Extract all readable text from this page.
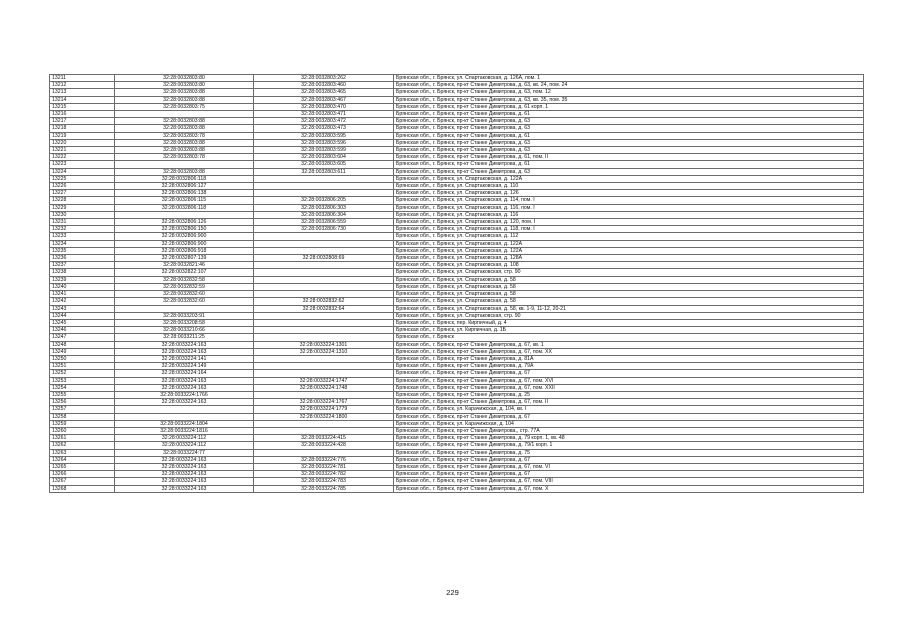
13211	32:28:0032803:80	32:28:0032803:262	Брянская обл., г. Брянск, ул. Спартаковская, д. 126А, пом. 1
13212	32:28:0032803:80	32:28:0032803:460	Брянская обл., г. Брянск, пр-кт Станке Димитрова, д. 63, кв. 24, пом. 24
13213	32:28:0032803:88	32:28:0032803:465	Брянская обл., г. Брянск, пр-кт Станке Димитрова, д. 63, пом. 12
13214	32:28:0032803:88	32:28:0032803:467	Брянская обл., г. Брянск, пр-кт Станке Димитрова, д. 63, кв. 35, пом. 35
13215	32:28:0032803:75	32:28:0032803:470	Брянская обл., г. Брянск, пр-кт Станке Димитрова, д. 61 корп. 1
13216		32:28:0032803:471	Брянская обл., г. Брянск, пр-кт Станке Димитрова, д. 61
13217	32:28:0032803:88	32:28:0032803:472	Брянская обл., г. Брянск, пр-кт Станке Димитрова, д. 63
13218	32:28:0032803:88	32:28:0032803:473	Брянская обл., г. Брянск, пр-кт Станке Димитрова, д. 63
13219	32:28:0032803:78	32:28:0032803:595	Брянская обл., г. Брянск, пр-кт Станке Димитрова, д. 61
13220	32:28:0032803:88	32:28:0032803:596	Брянская обл., г. Брянск, пр-кт Станке Димитрова, д. 63
13221	32:28:0032803:88	32:28:0032803:599	Брянская обл., г. Брянск, пр-кт Станке Димитрова, д. 63
13222	32:28:0032803:78	32:28:0032803:604	Брянская обл., г. Брянск, пр-кт Станке Димитрова, д. 61, пом. II
13223		32:28:0032803:605	Брянская обл., г. Брянск, пр-кт Станке Димитрова, д. 61
13224	32:28:0032803:88	32:28:0032803:611	Брянская обл., г. Брянск, пр-кт Станке Димитрова, д. 63
13225	32:28:0032806:118		Брянская обл., г. Брянск, ул. Спартаковская, д. 122А
13226	32:28:0032806:127		Брянская обл., г. Брянск, ул. Спартаковская, д. 110
13227	32:28:0032806:138		Брянская обл., г. Брянск, ул. Спартаковская, д. 126
13228	32:28:0032806:115	32:28:0032806:205	Брянская обл., г. Брянск, ул. Спартаковская, д. 114, пом. I
13229	32:28:0032806:118	32:28:0032806:303	Брянская обл., г. Брянск, ул. Спартаковская, д. 116, пом. I
13230		32:28:0032806:304	Брянская обл., г. Брянск, ул. Спартаковская, д. 116
13231	32:28:0032806:126	32:28:0032806:559	Брянская обл., г. Брянск, ул. Спартаковская, д. 120, пом. I
13232	32:28:0032806:150	32:28:0032806:730	Брянская обл., г. Брянск, ул. Спартаковская, д. 118, пом. I
13233	32:28:0032806:900		Брянская обл., г. Брянск, ул. Спартаковская, д. 112
13234	32:28:0032806:900		Брянская обл., г. Брянск, ул. Спартаковская, д. 122А
13235	32:28:0032806:918		Брянская обл., г. Брянск, ул. Спартаковская, д. 122А
13236	32:28:0032807:139	32:28:0032808:69	Брянская обл., г. Брянск, ул. Спартаковская, д. 128А
13237	32:28:0032821:46		Брянская обл., г. Брянск, ул. Спартаковская, д. 108
13238	32:28:0032822:107		Брянская обл., г. Брянск, ул. Спартаковская, стр. 90
13239	32:28:0032832:58		Брянская обл., г. Брянск, ул. Спартаковская, д. 58
13240	32:28:0032832:59		Брянская обл., г. Брянск, ул. Спартаковская, д. 58
13241	32:28:0032832:60		Брянская обл., г. Брянск, ул. Спартаковская, д. 58
13242	32:28:0032832:60	32:28:0032832:62	Брянская обл., г. Брянск, ул. Спартаковская, д. 58
13243		32:28:0032832:64	Брянская обл., г. Брянск, ул. Спартаковская, д. 58, кв. 1-9, 11-12, 20-21
13244	32:28:0033203:91		Брянская обл., г. Брянск, ул. Спартаковская, стр. 90
13245	32:28:0033208:58		Брянская обл., г. Брянск, пер. Кирпичный, д. 4
13246	32:28:0033210:66		Брянская обл., г. Брянск, ул. Кирпичная, д. 1Б
13247	32:28:0033211:25		Брянская обл., г. Брянск
13248	32:28:0033224:163	32:28:0033224:1301	Брянская обл., г. Брянск, пр-кт Станке Димитрова, д. 67, кв. 1
13249	32:28:0033224:163	32:28:0033224:1310	Брянская обл., г. Брянск, пр-кт Станке Димитрова, д. 67, пом. XX
13250	32:28:0033224:141		Брянская обл., г. Брянск, пр-кт Станке Димитрова, д. 81А
13251	32:28:0033224:149		Брянская обл., г. Брянск, пр-кт Станке Димитрова, д. 79А
13252	32:28:0033224:164		Брянская обл., г. Брянск, пр-кт Станке Димитрова, д. 67
13253	32:28:0033224:163	32:28:0033224:1747	Брянская обл., г. Брянск, пр-кт Станке Димитрова, д. 67, пом. XVI
13254	32:28:0033224:163	32:28:0033224:1748	Брянская обл., г. Брянск, пр-кт Станке Димитрова, д. 67, пом. XXII
13255	32:28:0033224:1766		Брянская обл., г. Брянск, пр-кт Станке Димитрова, д. 25
13256	32:28:0033224:163	32:28:0033224:1767	Брянская обл., г. Брянск, пр-кт Станке Димитрова, д. 67, пом. II
13257		32:28:0033224:1779	Брянская обл., г. Брянск, ул. Карачижская, д. 104, кв. I
13258		32:28:0033224:1800	Брянская обл., г. Брянск, пр-кт Станке Димитрова, д. 67
13259	32:28:0033224:1804		Брянская обл., г. Брянск, ул. Карачижская, д. 104
13260	32:28:0033224:1816		Брянская обл., г. Брянск, пр-кт Станке Димитрова,, стр. 77А
13261	32:28:0033224:112	32:28:0033224:415	Брянская обл., г. Брянск, пр-кт Станке Димитрова, д. 79 корп. 1, кв. 48
13262	32:28:0033224:112	32:28:0033224:428	Брянская обл., г. Брянск, пр-кт Станке Димитрова, д. 79/1 корп. 1
13263	32:28:0033224:77		Брянская обл., г. Брянск, пр-кт Станке Димитрова, д. 75
13264	32:28:0033224:163	32:28:0033224:776	Брянская обл., г. Брянск, пр-кт Станке Димитрова, д. 67
13265	32:28:0033224:163	32:28:0033224:781	Брянская обл., г. Брянск, пр-кт Станке Димитрова, д. 67, пом. VI
13266	32:28:0033224:163	32:28:0033224:782	Брянская обл., г. Брянск, пр-кт Станке Димитрова, д. 67
13267	32:28:0033224:163	32:28:0033224:783	Брянская обл., г. Брянск, пр-кт Станке Димитрова, д. 67, пом. VIII
13268	32:28:0033224:163	32:28:0033224:785	Брянская обл., г. Брянск, пр-кт Станке Димитрова, д. 67, пом. X
229
